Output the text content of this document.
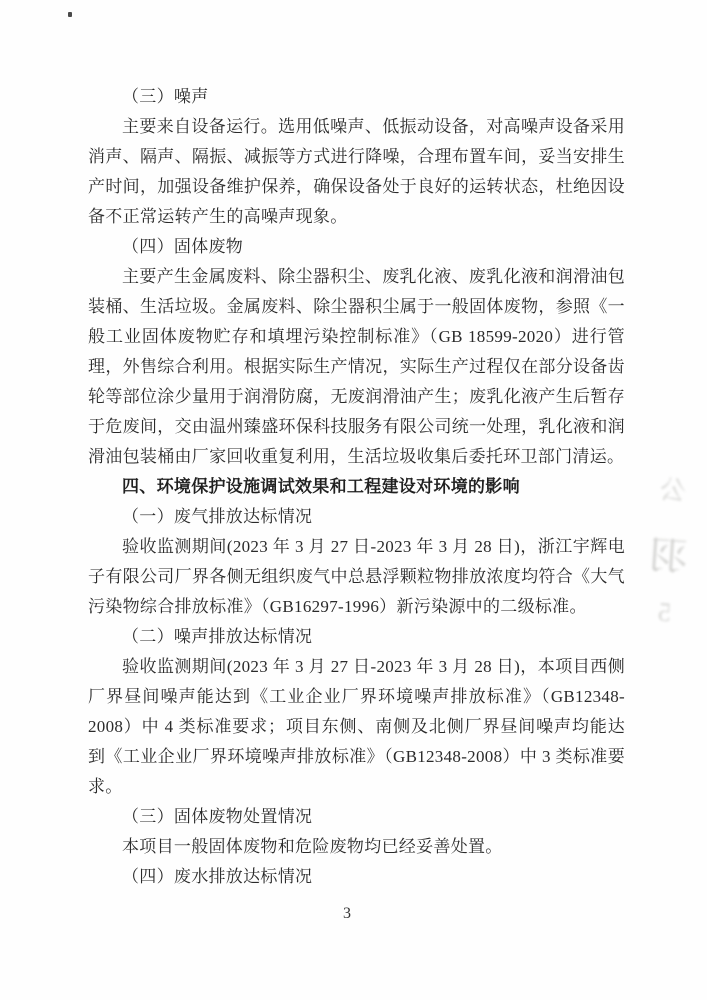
（三）噪声

主要来自设备运行。选用低噪声、低振动设备，对高噪声设备采用消声、隔声、隔振、减振等方式进行降噪，合理布置车间，妥当安排生产时间，加强设备维护保养，确保设备处于良好的运转状态，杜绝因设备不正常运转产生的高噪声现象。

（四）固体废物

主要产生金属废料、除尘器积尘、废乳化液、废乳化液和润滑油包装桶、生活垃圾。金属废料、除尘器积尘属于一般固体废物，参照《一般工业固体废物贮存和填埋污染控制标准》（GB 18599-2020）进行管理，外售综合利用。根据实际生产情况，实际生产过程仅在部分设备齿轮等部位涂少量用于润滑防腐，无废润滑油产生；废乳化液产生后暂存于危废间，交由温州臻盛环保科技服务有限公司统一处理，乳化液和润滑油包装桶由厂家回收重复利用，生活垃圾收集后委托环卫部门清运。

四、环境保护设施调试效果和工程建设对环境的影响

（一）废气排放达标情况

验收监测期间(2023 年 3 月 27 日-2023 年 3 月 28 日)，浙江宇辉电子有限公司厂界各侧无组织废气中总悬浮颗粒物排放浓度均符合《大气污染物综合排放标准》（GB16297-1996）新污染源中的二级标准。

（二）噪声排放达标情况

验收监测期间(2023 年 3 月 27 日-2023 年 3 月 28 日)，本项目西侧厂界昼间噪声能达到《工业企业厂界环境噪声排放标准》（GB12348-2008）中 4 类标准要求；项目东侧、南侧及北侧厂界昼间噪声均能达到《工业企业厂界环境噪声排放标准》（GB12348-2008）中 3 类标准要求。

（三）固体废物处置情况

本项目一般固体废物和危险废物均已经妥善处置。

（四）废水排放达标情况

公
羽
5
3
